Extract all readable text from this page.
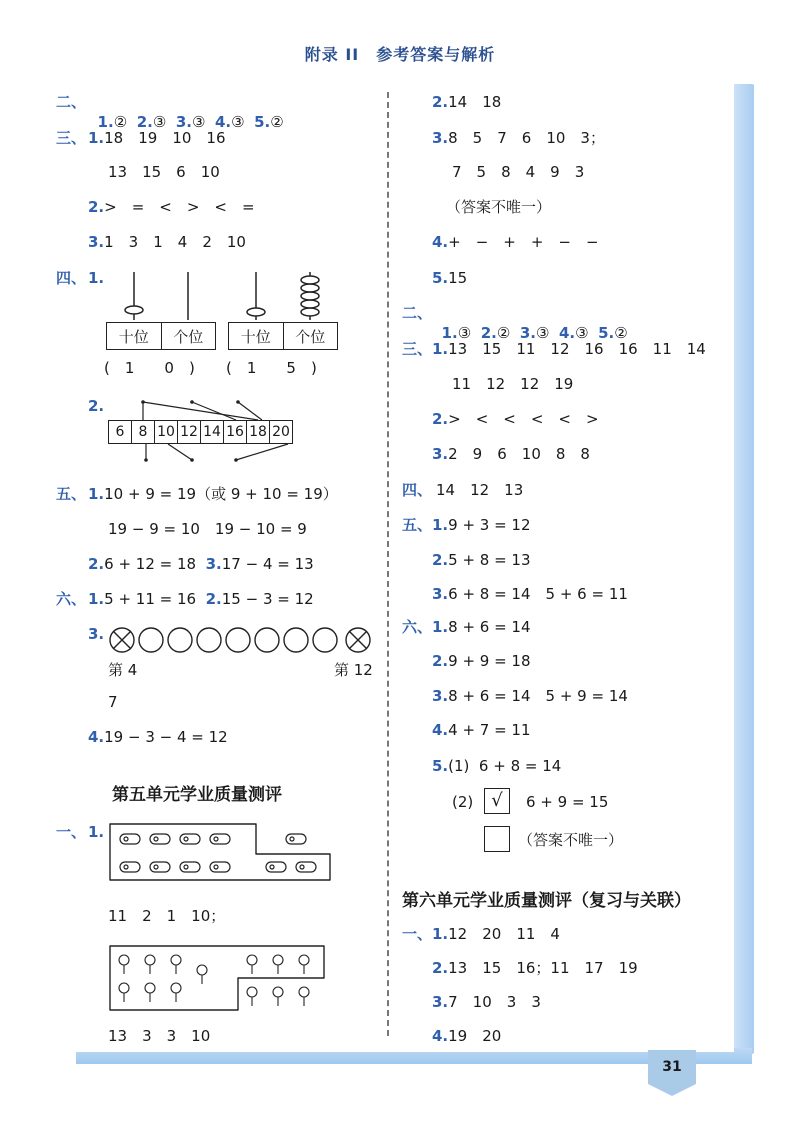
附录 II　参考答案与解析
二、

1.② 2.③ 3.③ 4.③ 5.②

三、 1.18　19　10　16
13　15　6　10
2.>　=　<　>　<　=
3.1　3　1　4　2　10
四、 1.
十位	个位
(　1　　0　)
十位	个位
(　1　　5　)
2.
6	8 10 12 14 16 18 20
五、 1.10 + 9 = 19（或 9 + 10 = 19）
19 − 9 = 10　19 − 10 = 9
2.6 + 12 = 18 3.17 − 4 = 13
六、 1.5 + 11 = 16 2.15 − 3 = 12
3.
第 4	第 12
7
4.19 − 3 − 4 = 12
第五单元学业质量测评
一、 1.
11　2　1　10；
13　3　3　10
2.14　18
3.8　5　7　6　10　3；
7　5　8　4　9　3
（答案不唯一）
4.+　−　+　+　−　−
5.15
二、

1.③ 2.② 3.③ 4.③ 5.②

三、 1.13　15　11　12　16　16　11　14
11　12　12　19
2.>　<　<　<　<　>
3.2　9　6　10　8　8
四、 14　12　13
五、 1.9 + 3 = 12
2.5 + 8 = 13
3.6 + 8 = 14　5 + 6 = 11
六、 1.8 + 6 = 14
2.9 + 9 = 18
3.8 + 6 = 14　5 + 9 = 14
4.4 + 7 = 11
5.(1)  6 + 8 = 14
(2)	√	6 + 9 = 15
（答案不唯一）
第六单元学业质量测评（复习与关联）
一、 1.12　20　11　4
2.13　15　16；11　17　19
3.7　10　3　3
4.19　20
31
